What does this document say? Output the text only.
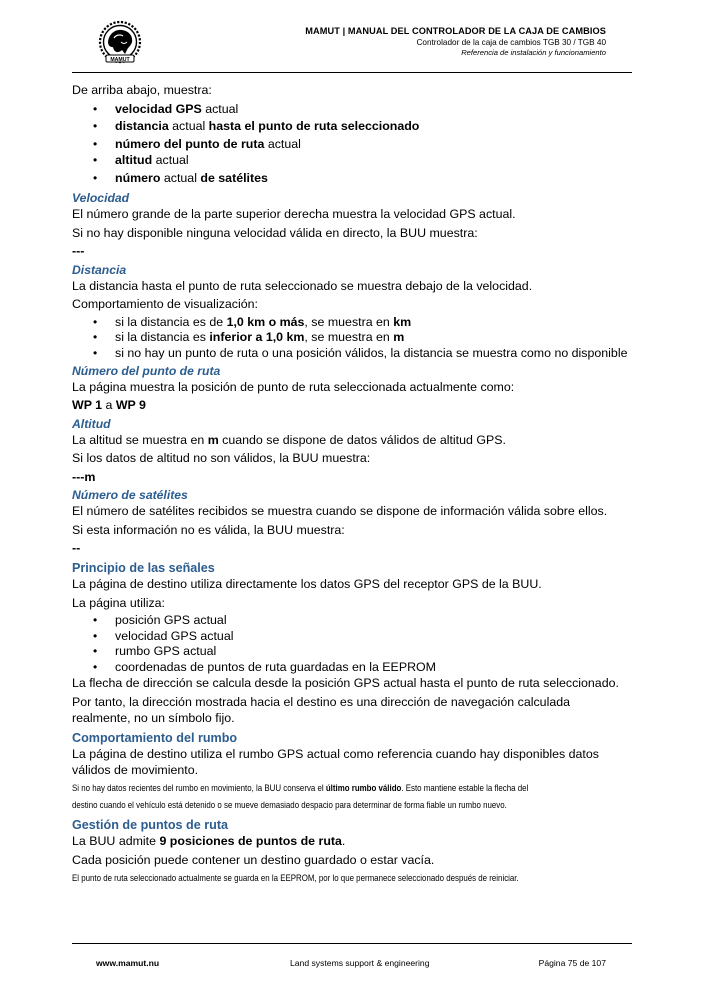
MAMUT
MAMUT | MANUAL DEL CONTROLADOR DE LA CAJA DE CAMBIOS
Controlador de la caja de cambios TGB 30 / TGB 40
Referencia de instalación y funcionamiento

De arriba abajo, muestra:

• velocidad GPS actual
• distancia actual hasta el punto de ruta seleccionado
• número del punto de ruta actual
• altitud actual
• número actual de satélites
Velocidad

El número grande de la parte superior derecha muestra la velocidad GPS actual.

Si no hay disponible ninguna velocidad válida en directo, la BUU muestra:

---

Distancia

La distancia hasta el punto de ruta seleccionado se muestra debajo de la velocidad.

Comportamiento de visualización:

• si la distancia es de 1,0 km o más, se muestra en km
• si la distancia es inferior a 1,0 km, se muestra en m
• si no hay un punto de ruta o una posición válidos, la distancia se muestra como no disponible
Número del punto de ruta

La página muestra la posición de punto de ruta seleccionada actualmente como:

WP 1 a WP 9

Altitud

La altitud se muestra en m cuando se dispone de datos válidos de altitud GPS.

Si los datos de altitud no son válidos, la BUU muestra:

---m

Número de satélites

El número de satélites recibidos se muestra cuando se dispone de información válida sobre ellos.

Si esta información no es válida, la BUU muestra:

--

Principio de las señales

La página de destino utiliza directamente los datos GPS del receptor GPS de la BUU.

La página utiliza:

• posición GPS actual
• velocidad GPS actual
• rumbo GPS actual
• coordenadas de puntos de ruta guardadas en la EEPROM

La flecha de dirección se calcula desde la posición GPS actual hasta el punto de ruta seleccionado.

Por tanto, la dirección mostrada hacia el destino es una dirección de navegación calculada realmente, no un símbolo fijo.

Comportamiento del rumbo

La página de destino utiliza el rumbo GPS actual como referencia cuando hay disponibles datos válidos de movimiento.

Si no hay datos recientes del rumbo en movimiento, la BUU conserva el último rumbo válido. Esto mantiene estable la flecha del
destino cuando el vehículo está detenido o se mueve demasiado despacio para determinar de forma fiable un rumbo nuevo.
Gestión de puntos de ruta

La BUU admite 9 posiciones de puntos de ruta.

Cada posición puede contener un destino guardado o estar vacía.

El punto de ruta seleccionado actualmente se guarda en la EEPROM, por lo que permanece seleccionado después de reiniciar.
www.mamut.nu	Land systems support & engineering	Página 75 de 107
